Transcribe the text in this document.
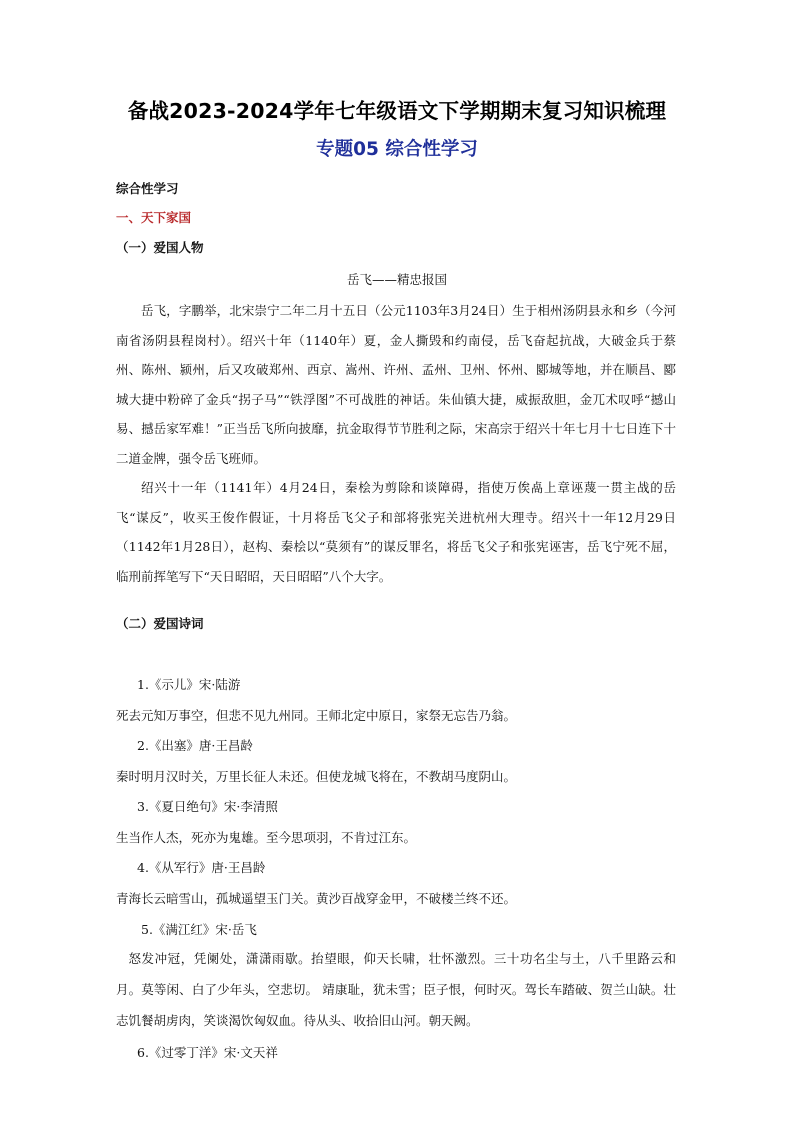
备战2023-2024学年七年级语文下学期期末复习知识梳理
专题05 综合性学习
综合性学习
一、天下家国
（一）爱国人物
岳飞——精忠报国

岳飞，字鹏举，北宋崇宁二年二月十五日（公元1103年3月24日）生于相州汤阴县永和乡（今河南省汤阴县程岗村）。绍兴十年（1140年）夏，金人撕毁和约南侵，岳飞奋起抗战，大破金兵于蔡州、陈州、颍州，后又攻破郑州、西京、嵩州、许州、孟州、卫州、怀州、郾城等地，并在顺昌、郾城大捷中粉碎了金兵“拐子马”“铁浮图”不可战胜的神话。朱仙镇大捷，威振敌胆，金兀术叹呼“撼山易、撼岳家军难！”正当岳飞所向披靡，抗金取得节节胜利之际，宋高宗于绍兴十年七月十七日连下十二道金牌，强令岳飞班师。

绍兴十一年（1141年）4月24日，秦桧为剪除和谈障碍，指使万俟卨上章诬蔑一贯主战的岳飞“谋反”，收买王俊作假证，十月将岳飞父子和部将张宪关进杭州大理寺。绍兴十一年12月29日（1142年1月28日），赵构、秦桧以“莫须有”的谋反罪名，将岳飞父子和张宪诬害，岳飞宁死不屈，临刑前挥笔写下“天日昭昭，天日昭昭”八个大字。

（二）爱国诗词
1.《示儿》宋·陆游
死去元知万事空，但悲不见九州同。王师北定中原日，家祭无忘告乃翁。
2.《出塞》唐·王昌龄
秦时明月汉时关，万里长征人未还。但使龙城飞将在，不教胡马度阴山。
3.《夏日绝句》宋·李清照
生当作人杰，死亦为鬼雄。至今思项羽，不肯过江东。
4.《从军行》唐·王昌龄
青海长云暗雪山，孤城遥望玉门关。黄沙百战穿金甲，不破楼兰终不还。
5.《满江红》宋·岳飞

怒发冲冠，凭阑处，潇潇雨歇。抬望眼，仰天长啸，壮怀激烈。三十功名尘与土，八千里路云和月。莫等闲、白了少年头，空悲切。 靖康耻，犹未雪；臣子恨，何时灭。驾长车踏破、贺兰山缺。壮志饥餐胡虏肉，笑谈渴饮匈奴血。待从头、收拾旧山河。朝天阙。

6.《过零丁洋》宋·文天祥
